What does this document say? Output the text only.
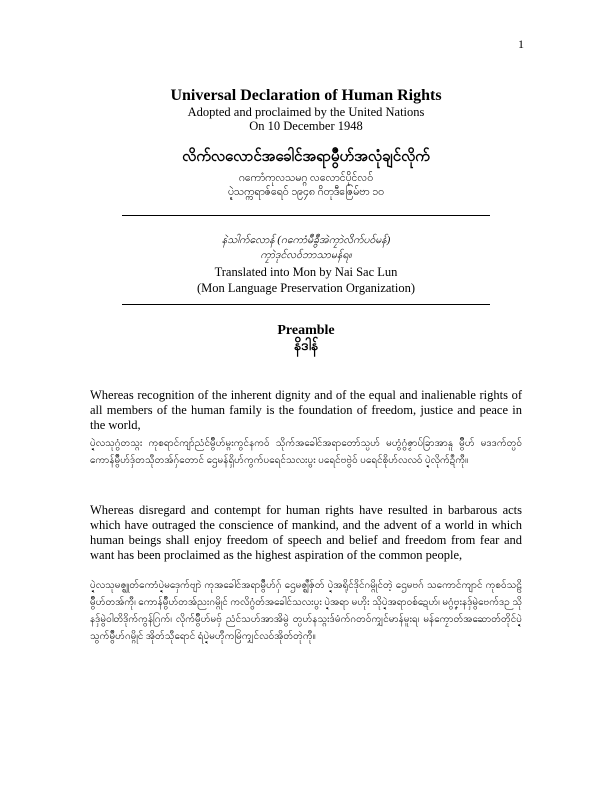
1
Universal Declaration of Human Rights
Adopted and proclaimed by the United Nations
On 10 December 1948
လိက်လလောင်အခေါင်အရာမွဳိဟ်အလုံချင်လိုက်
ဂကောံကုလသမဂ္ဂ လလောင်ပိုင်လဝ်
ပ္ဍဲသက္ကရာဇ်ရေဝ် ၁၉၄၈ ဂိတုဒီဇြေမ်ဗာ ၁၀
နဲသါက်လောန် (ဂကောံမဳခွဳအဲကၠာဲလိက်ပဝ်မန်)
ကၠာဲဒုင်လဝ်ဘာသာမန်ရ။
Translated into Mon by Nai Sac Lun
(Mon Language Preservation Organization)
Preamble
နိဒါန်
Whereas recognition of the inherent dignity and of the equal and inalienable rights of all members of the human family is the foundation of freedom, justice and peace in the world,
ပ္ဍဲလသုဂွံတသ္ဂး ကုစရာင်ကျာ်ညံင်မွဳိဟ်မ္ဂးကွင်နကဝ် သိုက်အခေါင်အရာတော်သ္ပဟ် မဟွံဂွံဇၟာပ်ခြာအာနူ မွဳိဟ် မဒဒက်တ္ပဝ်ကောန်မွဳိဟ်ဒှ်တသီုတအ်ဂှ်တောင် ဌေမန်ရှိဟ်ကွက်ပရေင်သလးပွး ပရေင်ဗဗွဲဝ် ပရေင်စိုဟ်လလဝ် ပ္ဍဲလိုက်ဍဳကီု။
Whereas disregard and contempt for human rights have resulted in barbarous acts which have outraged the conscience of mankind, and the advent of a world in which human beings shall enjoy freedom of speech and belief and freedom from fear and want has been proclaimed as the highest aspiration of the common people,
ပ္ဍဲလသုမဇ္ဈုတ်ကောံပ္ဍဲမဒှေက်ဗျာဲ ကုအခေါင်အရာမွဳိဟ်ဂှ် ဌေမဇ္ဈဳဇှ်တ် ပ္ဍဲအရိုင်ဒိုင်ဂမ္ဂိုင်တဲ့ ဌေမဗဂ် သကောင်ကျာင် ကုစဝ်သဠိမွဳိဟ်တအ်ကီု၊ ကောန်မွဳိဟ်တအ်ညးဂမ္ဂိုင် ကလိဂွံတ်အခေါင်သလးပွး ပ္ဍဲအရာ မဟိုး သိုပ္ဍဲအရာဝစ်ဍေဟ်၊ မဂွံဗၞးနဒှ်မွဲဗေက်ဒဉ သိုနဒှ်မွဲဝါတိဒိုက်ကွန်ဂြက်၊ လိုက်မွဳိဟ်မဗှ် ညံင်သဟ်အာအိမွဲ တ္ပဟ်နသ္ဂးဒ်မံက်ဂတဝ်ကျှင်မာန်မူးရ၊ မန်ကၠောတ်အဆောတ်တိုင်ပ္ဍဲ သွက်မွဳိဟ်ဂမ္ဂိုင် အိုတ်သီုရောင် ရံပ္ဍဲမဟီုကမြံကျှင်လဝ်အိုတ်တုဲကီု။
